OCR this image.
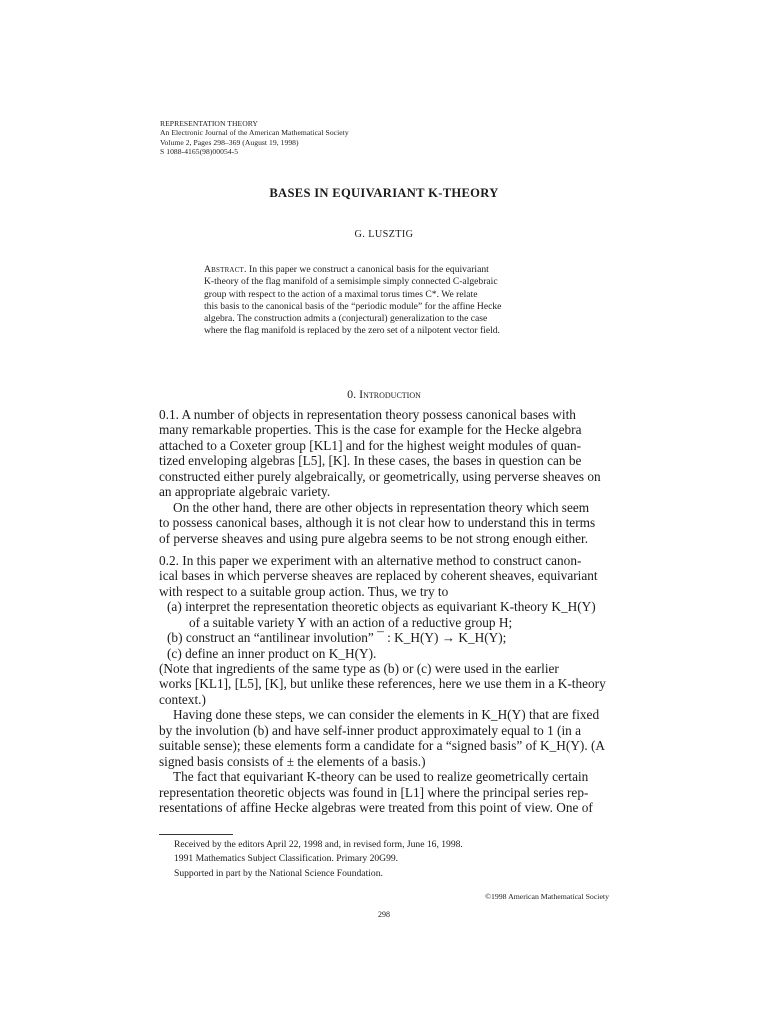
REPRESENTATION THEORY
An Electronic Journal of the American Mathematical Society
Volume 2, Pages 298–369 (August 19, 1998)
S 1088-4165(98)00054-5
BASES IN EQUIVARIANT K-THEORY
G. LUSZTIG
Abstract. In this paper we construct a canonical basis for the equivariant
K-theory of the flag manifold of a semisimple simply connected C-algebraic
group with respect to the action of a maximal torus times C*. We relate
this basis to the canonical basis of the “periodic module” for the affine Hecke
algebra. The construction admits a (conjectural) generalization to the case
where the flag manifold is replaced by the zero set of a nilpotent vector field.
0. Introduction
0.1. A number of objects in representation theory possess canonical bases with
many remarkable properties. This is the case for example for the Hecke algebra
attached to a Coxeter group [KL1] and for the highest weight modules of quan-
tized enveloping algebras [L5], [K]. In these cases, the bases in question can be
constructed either purely algebraically, or geometrically, using perverse sheaves on
an appropriate algebraic variety.
On the other hand, there are other objects in representation theory which seem
to possess canonical bases, although it is not clear how to understand this in terms
of perverse sheaves and using pure algebra seems to be not strong enough either.
0.2. In this paper we experiment with an alternative method to construct canon-
ical bases in which perverse sheaves are replaced by coherent sheaves, equivariant
with respect to a suitable group action. Thus, we try to
(a) interpret the representation theoretic objects as equivariant K-theory K_H(Y)
of a suitable variety Y with an action of a reductive group H;
(b) construct an “antilinear involution” ¯ : K_H(Y) → K_H(Y);
(c) define an inner product on K_H(Y).
(Note that ingredients of the same type as (b) or (c) were used in the earlier
works [KL1], [L5], [K], but unlike these references, here we use them in a K-theory
context.)
Having done these steps, we can consider the elements in K_H(Y) that are fixed
by the involution (b) and have self-inner product approximately equal to 1 (in a
suitable sense); these elements form a candidate for a “signed basis” of K_H(Y). (A
signed basis consists of ± the elements of a basis.)
The fact that equivariant K-theory can be used to realize geometrically certain
representation theoretic objects was found in [L1] where the principal series rep-
resentations of affine Hecke algebras were treated from this point of view. One of
Received by the editors April 22, 1998 and, in revised form, June 16, 1998.
1991 Mathematics Subject Classification. Primary 20G99.
Supported in part by the National Science Foundation.
©1998 American Mathematical Society
298
